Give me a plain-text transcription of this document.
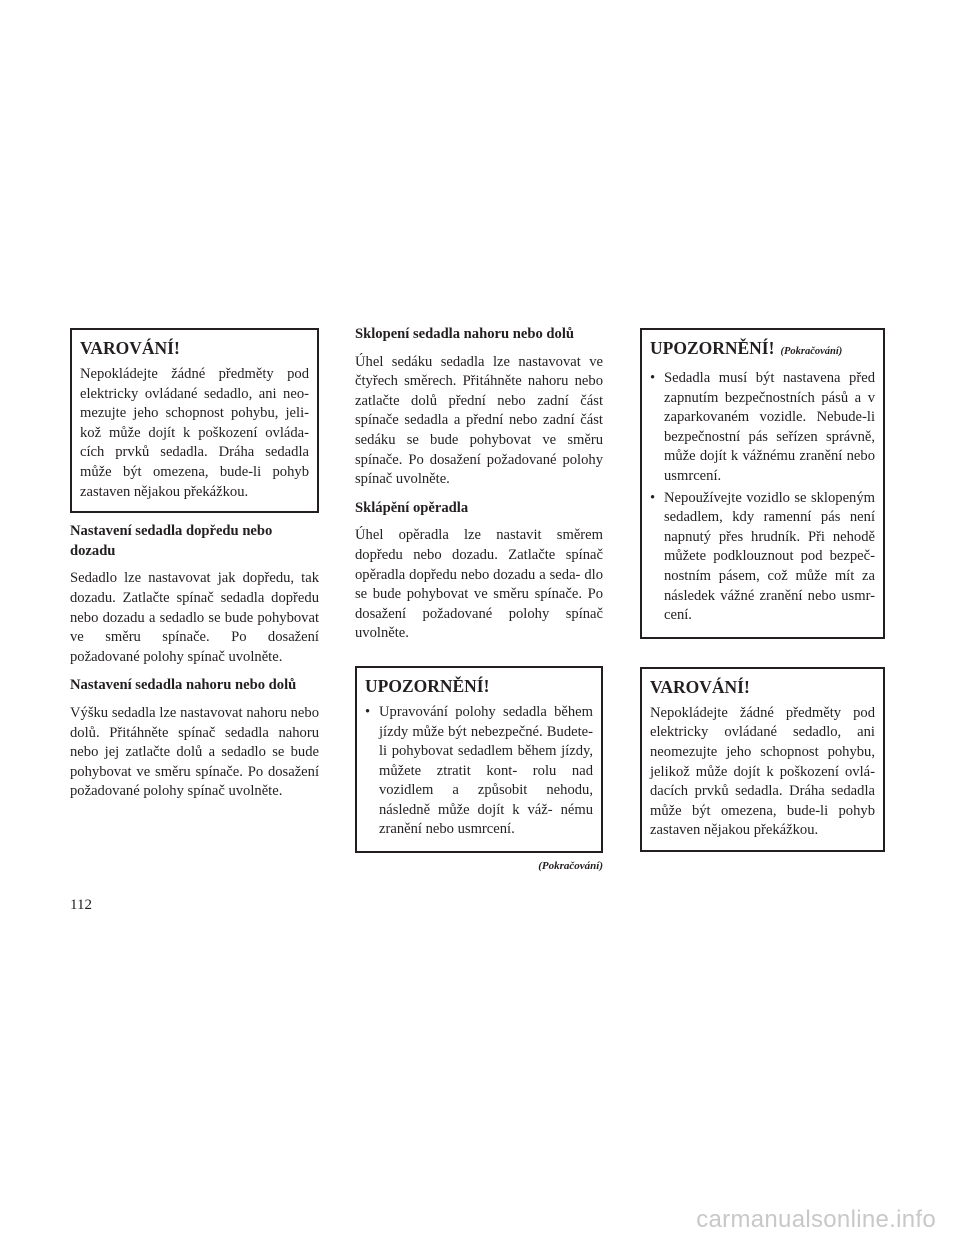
VAROVÁNÍ!

Nepokládejte žádné předměty pod elektricky ovládané sedadlo, ani neo- mezujte jeho schopnost pohybu, jeli- kož může dojít k poškození ovláda- cích prvků sedadla. Dráha sedadla může být omezena, bude-li pohyb zastaven nějakou překážkou.

Nastavení sedadla dopředu nebo dozadu

Sedadlo lze nastavovat jak dopředu, tak dozadu. Zatlačte spínač sedadla dopředu nebo dozadu a sedadlo se bude pohybovat ve směru spínače. Po dosažení požadované polohy spínač uvolněte.

Nastavení sedadla nahoru nebo dolů

Výšku sedadla lze nastavovat nahoru nebo dolů. Přitáhněte spínač sedadla nahoru nebo jej zatlačte dolů a sedadlo se bude pohybovat ve směru spínače. Po dosažení požadované polohy spínač uvolněte.

Sklopení sedadla nahoru nebo dolů

Úhel sedáku sedadla lze nastavovat ve čtyřech směrech. Přitáhněte nahoru nebo zatlačte dolů přední nebo zadní část spínače sedadla a přední nebo zadní část sedáku se bude pohybovat ve směru spínače. Po dosažení požadované polohy spínač uvolněte.

Sklápění opěradla

Úhel opěradla lze nastavit směrem dopředu nebo dozadu. Zatlačte spínač opěradla dopředu nebo dozadu a seda- dlo se bude pohybovat ve směru spínače. Po dosažení požadované polohy spínač uvolněte.

UPOZORNĚNÍ!
• Upravování polohy sedadla během jízdy může být nebezpečné. Budete-li pohybovat sedadlem během jízdy, můžete ztratit kont- rolu nad vozidlem a způsobit nehodu, následně může dojít k váž- nému zranění nebo usmrcení.
(Pokračování)
UPOZORNĚNÍ! (Pokračování)
• Sedadla musí být nastavena před zapnutím bezpečnostních pásů a v zaparkovaném vozidle. Nebude-li bezpečnostní pás seřízen správně, může dojít k vážnému zranění nebo usmrcení.
• Nepoužívejte vozidlo se sklopeným sedadlem, kdy ramenní pás není napnutý přes hrudník. Při nehodě můžete podklouznout pod bezpeč- nostním pásem, což může mít za následek vážné zranění nebo usmr- cení.
VAROVÁNÍ!

Nepokládejte žádné předměty pod elektricky ovládané sedadlo, ani neomezujte jeho schopnost pohybu, jelikož může dojít k poškození ovlá- dacích prvků sedadla. Dráha sedadla může být omezena, bude-li pohyb zastaven nějakou překážkou.

112
carmanualsonline.info
